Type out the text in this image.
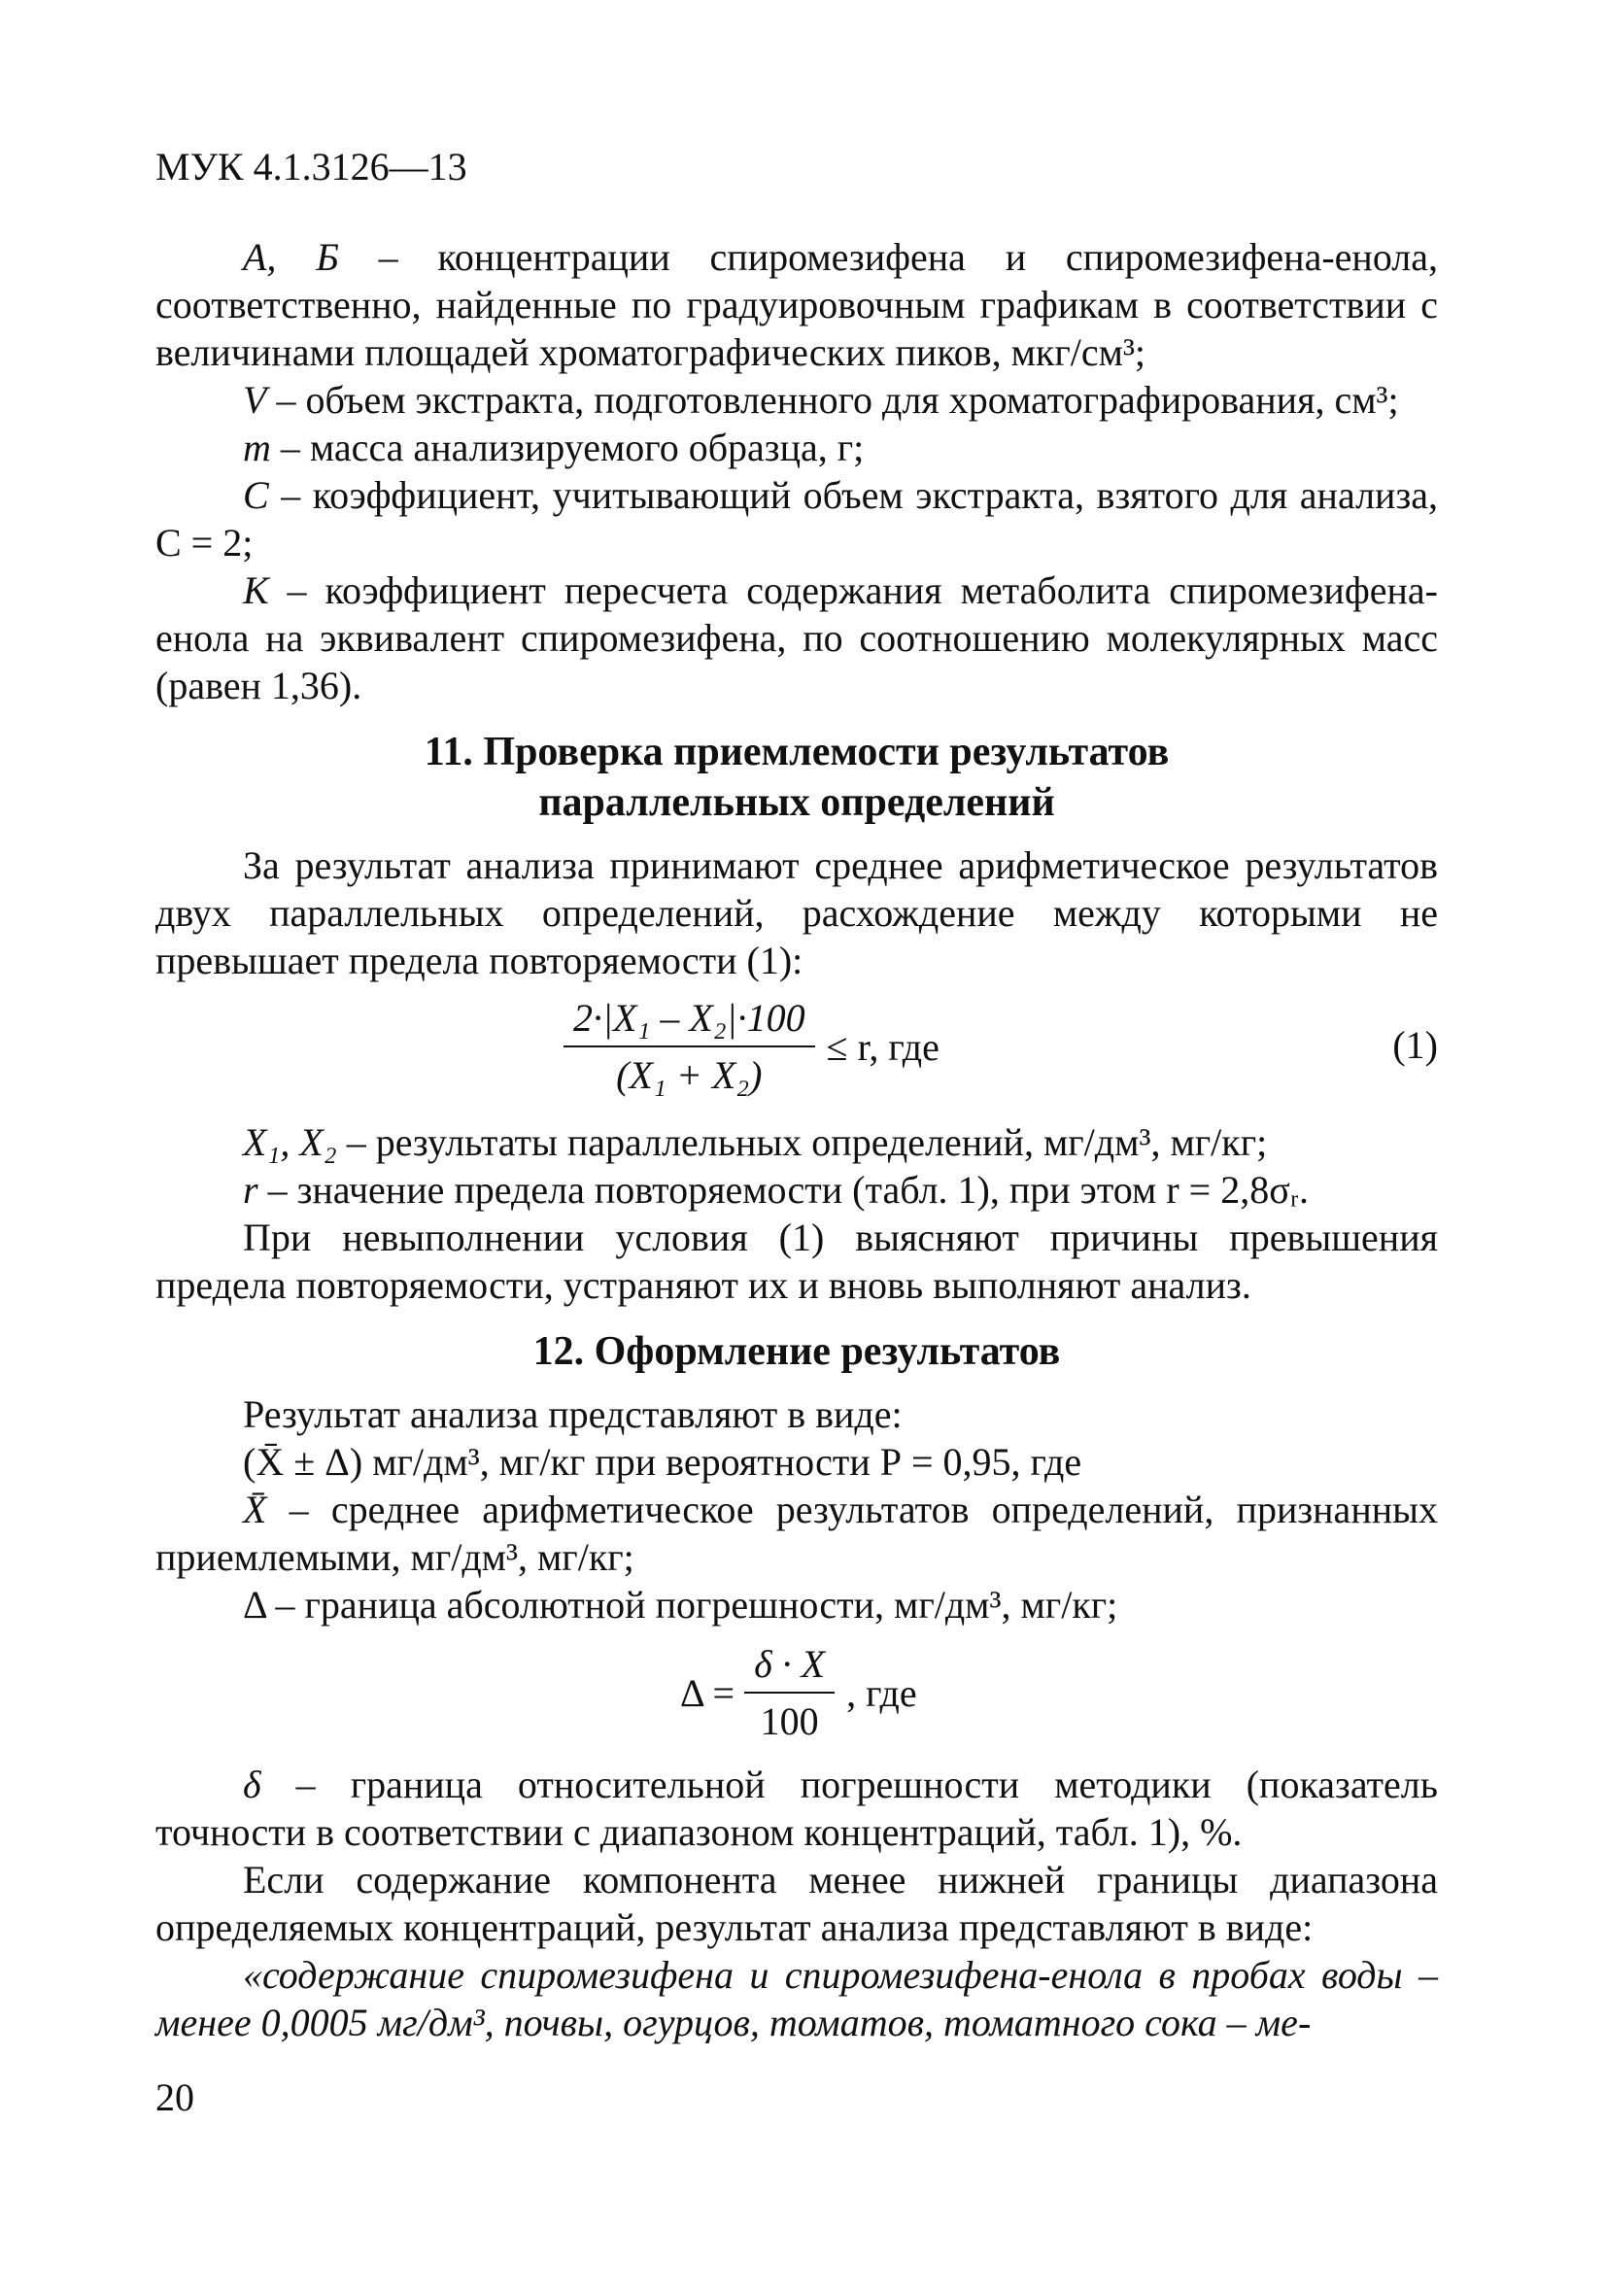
МУК 4.1.3126—13

А, Б – концентрации спиромезифена и спиромезифена-енола, соответственно, найденные по градуировочным графикам в соответствии с величинами площадей хроматографических пиков, мкг/см³;

V – объем экстракта, подготовленного для хроматографирования, см³;

m – масса анализируемого образца, г;

С – коэффициент, учитывающий объем экстракта, взятого для анализа, С = 2;

К – коэффициент пересчета содержания метаболита спиромезифена-енола на эквивалент спиромезифена, по соотношению молекулярных масс (равен 1,36).

11. Проверка приемлемости результатов
параллельных определений

За результат анализа принимают среднее арифметическое результатов двух параллельных определений, расхождение между которыми не превышает предела повторяемости (1):

$\frac{\text{2·|X₁ – X₂|·100}}{\text{(X₁ + X₂)}} \le r$, где	(1)

X₁, X₂ – результаты параллельных определений, мг/дм³, мг/кг;

r – значение предела повторяемости (табл. 1), при этом r = 2,8σᵣ.

При невыполнении условия (1) выясняют причины превышения предела повторяемости, устраняют их и вновь выполняют анализ.

12. Оформление результатов

Результат анализа представляют в виде:

(X̄ ± Δ) мг/дм³, мг/кг при вероятности Р = 0,95, где

X̄ – среднее арифметическое результатов определений, признанных приемлемыми, мг/дм³, мг/кг;

Δ – граница абсолютной погрешности, мг/дм³, мг/кг;

$\Delta = \frac{\delta \cdot X}{100}$ , где

δ – граница относительной погрешности методики (показатель точности в соответствии с диапазоном концентраций, табл. 1), %.

Если содержание компонента менее нижней границы диапазона определяемых концентраций, результат анализа представляют в виде:

«содержание спиромезифена и спиромезифена-енола в пробах воды – менее 0,0005 мг/дм³, почвы, огурцов, томатов, томатного сока – ме-

20
